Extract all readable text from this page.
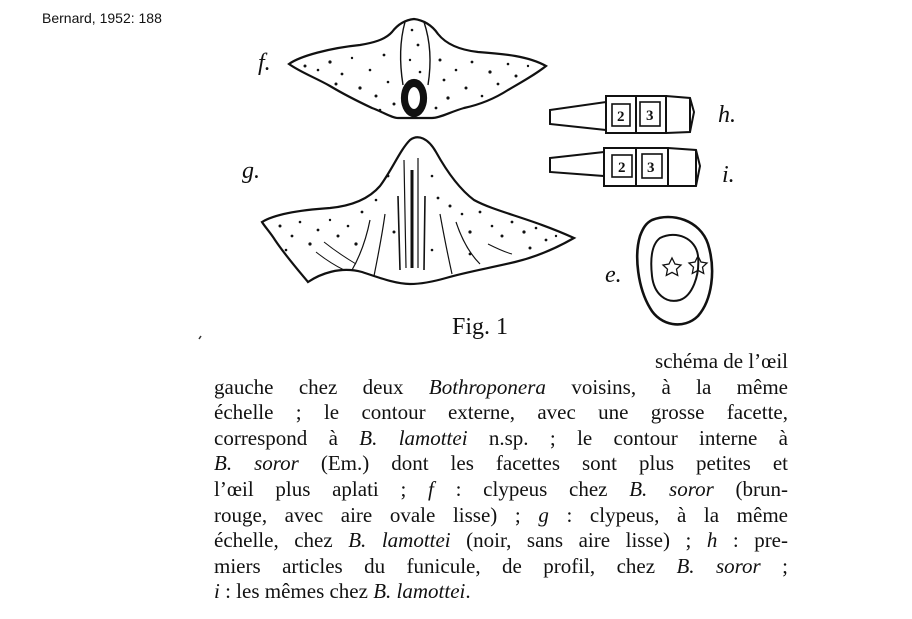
Bernard, 1952: 188
2 3
2 3
f.
g.
h.
i.
e.
Fig. 1
schéma de l’œil
gauche chez deux Bothroponera voisins, à la même
échelle ; le contour externe, avec une grosse facette,
correspond à B. lamottei n.sp. ; le contour interne à
B. soror (Em.) dont les facettes sont plus petites et
l’œil plus aplati ; f : clypeus chez B. soror (brun-
rouge, avec aire ovale lisse) ; g : clypeus, à la même
échelle, chez B. lamottei (noir, sans aire lisse) ; h : pre-
miers articles du funicule, de profil, chez B. soror ;
i : les mêmes chez B. lamottei.
